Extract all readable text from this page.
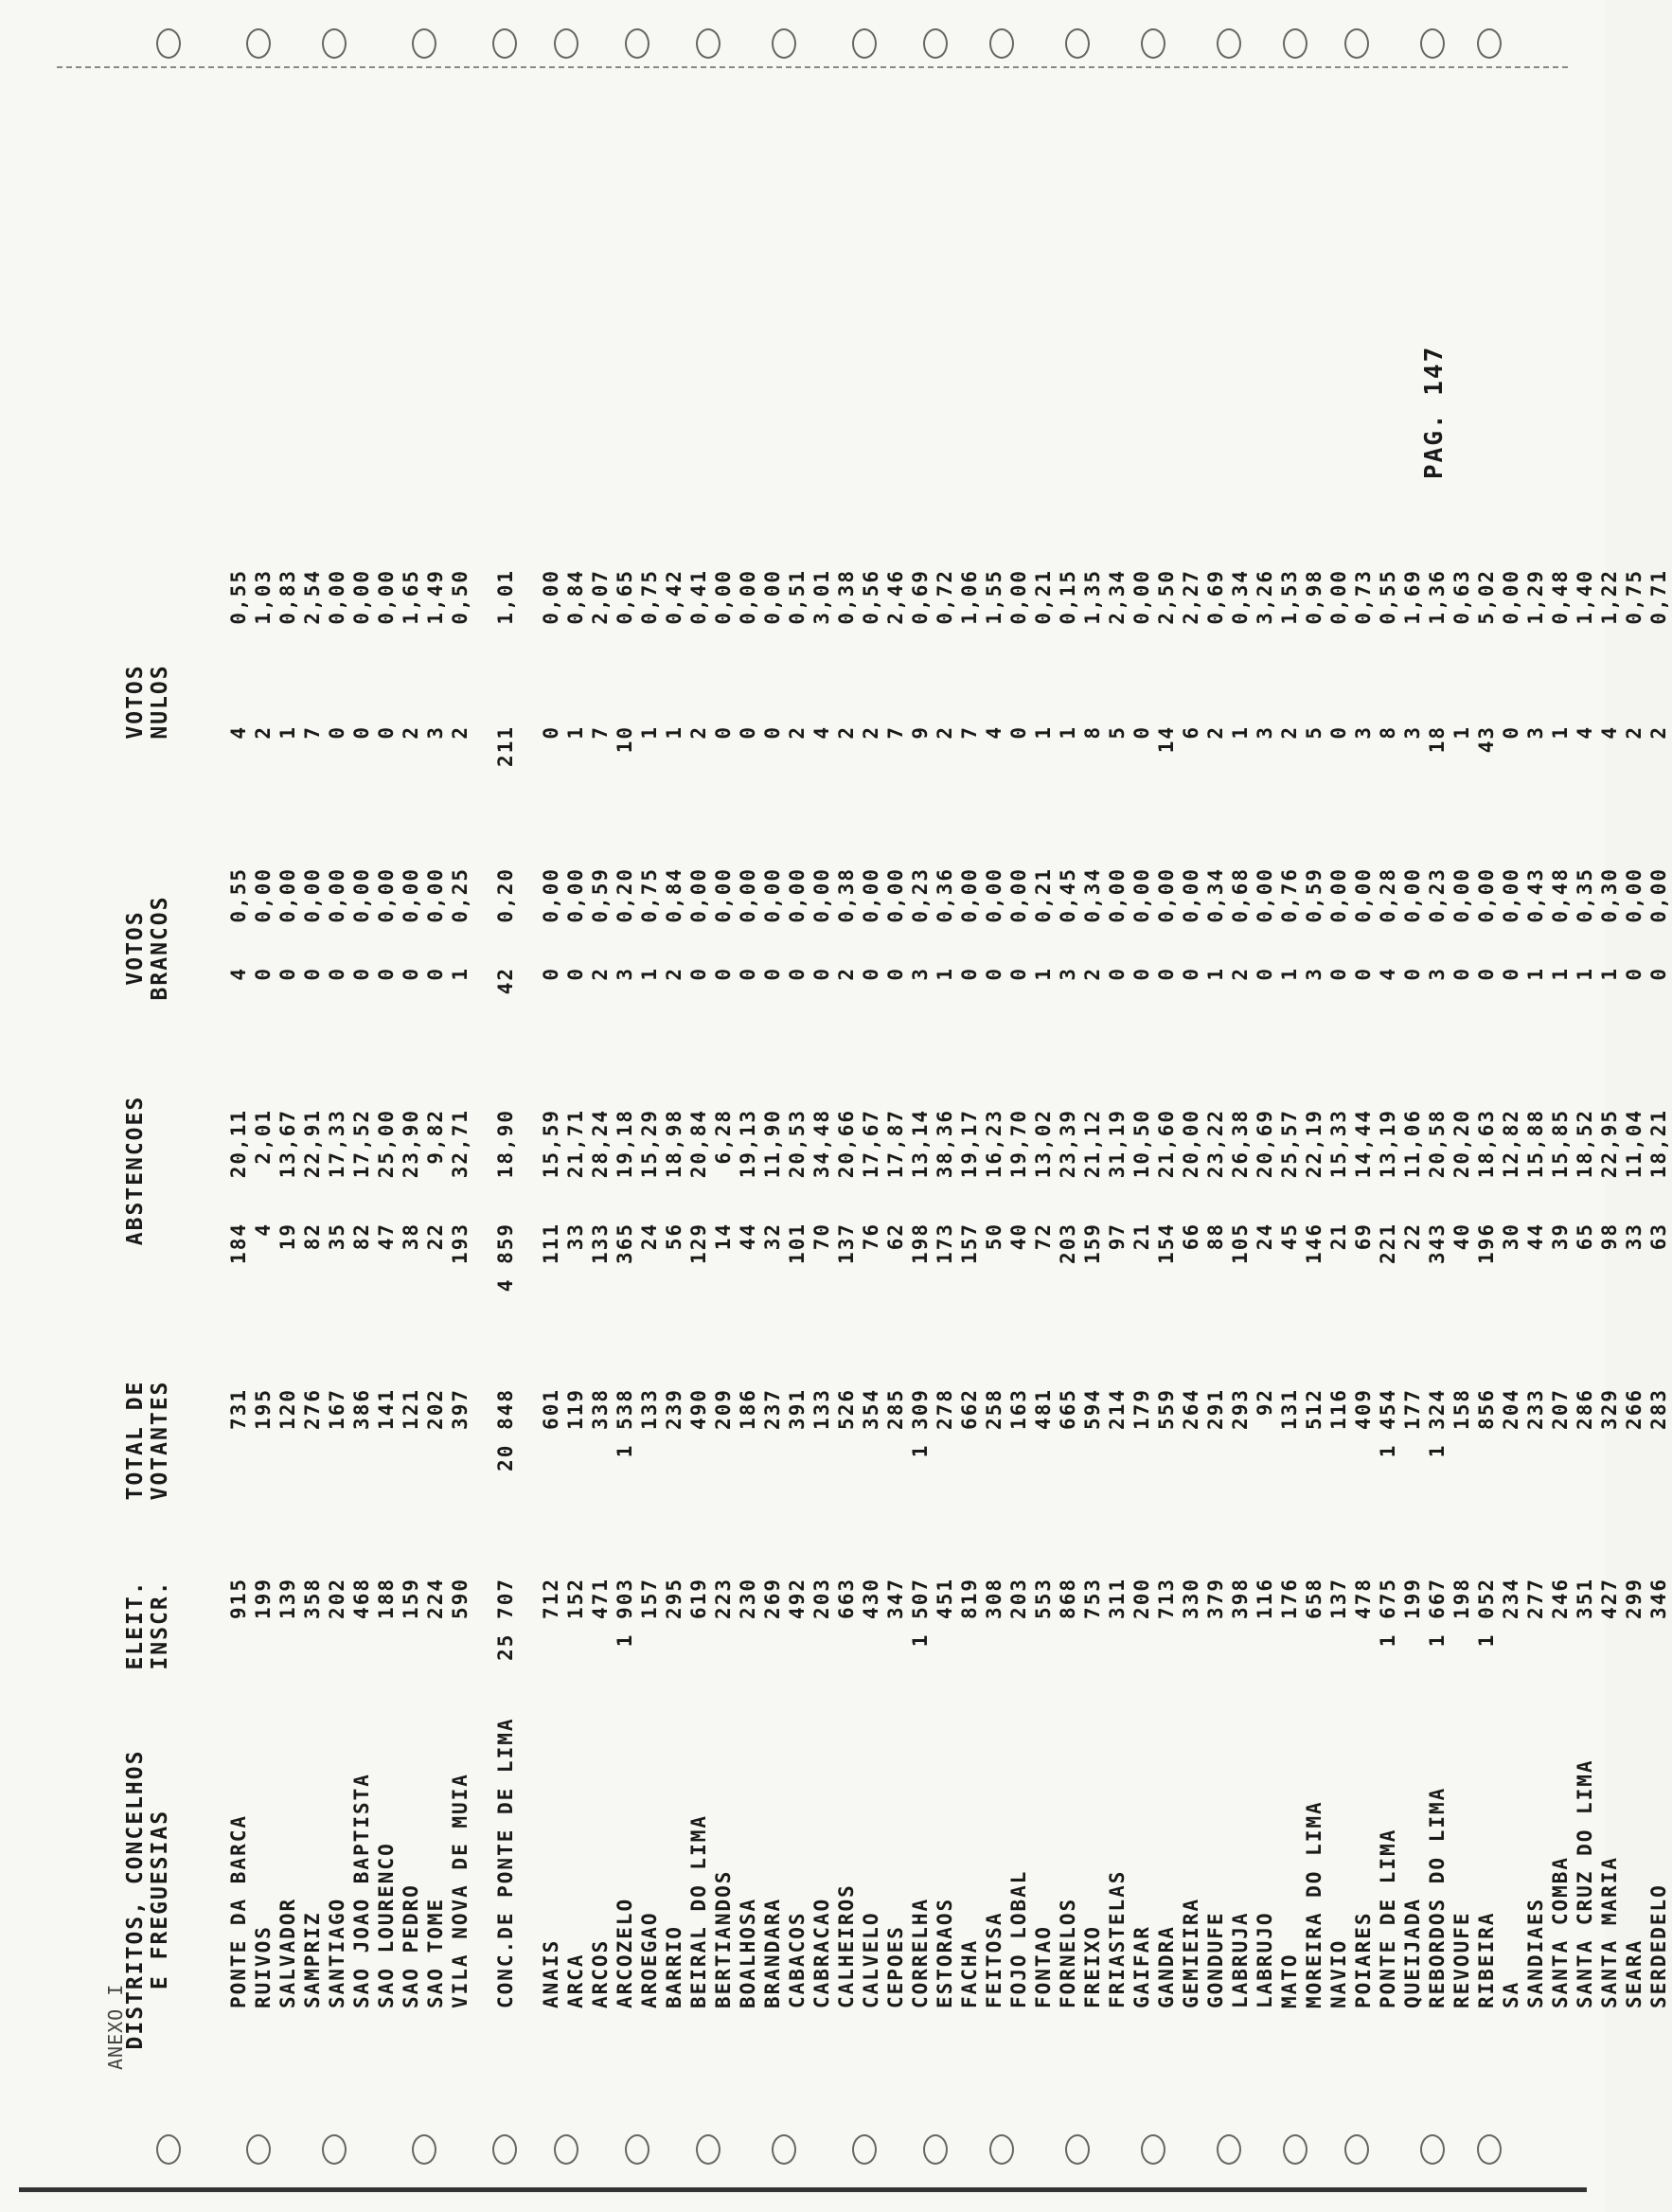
ANEXO I
PAG. 147
DISTRITOS, CONCELHOS
E FREGUESIAS
ELEIT.
INSCR.
TOTAL DE
VOTANTES
ABSTENCOES
VOTOS
BRANCOS
VOTOS
NULOS
PONTE DA BARCA
915
731
184
20,11
4
0,55
4
0,55
RUIVOS
199
195
4
2,01
0
0,00
2
1,03
SALVADOR
139
120
19
13,67
0
0,00
1
0,83
SAMPRIZ
358
276
82
22,91
0
0,00
7
2,54
SANTIAGO
202
167
35
17,33
0
0,00
0
0,00
SAO JOAO BAPTISTA
468
386
82
17,52
0
0,00
0
0,00
SAO LOURENCO
188
141
47
25,00
0
0,00
0
0,00
SAO PEDRO
159
121
38
23,90
0
0,00
2
1,65
SAO TOME
224
202
22
9,82
0
0,00
3
1,49
VILA NOVA DE MUIA
590
397
193
32,71
1
0,25
2
0,50
CONC.DE PONTE DE LIMA
25 707
20 848
4 859
18,90
42
0,20
211
1,01
ANAIS
712
601
111
15,59
0
0,00
0
0,00
ARCA
152
119
33
21,71
0
0,00
1
0,84
ARCOS
471
338
133
28,24
2
0,59
7
2,07
ARCOZELO
1 903
1 538
365
19,18
3
0,20
10
0,65
AROEGAO
157
133
24
15,29
1
0,75
1
0,75
BARRIO
295
239
56
18,98
2
0,84
1
0,42
BEIRAL DO LIMA
619
490
129
20,84
0
0,00
2
0,41
BERTIANDOS
223
209
14
6,28
0
0,00
0
0,00
BOALHOSA
230
186
44
19,13
0
0,00
0
0,00
BRANDARA
269
237
32
11,90
0
0,00
0
0,00
CABACOS
492
391
101
20,53
0
0,00
2
0,51
CABRACAO
203
133
70
34,48
0
0,00
4
3,01
CALHEIROS
663
526
137
20,66
2
0,38
2
0,38
CALVELO
430
354
76
17,67
0
0,00
2
0,56
CEPOES
347
285
62
17,87
0
0,00
7
2,46
CORRELHA
1 507
1 309
198
13,14
3
0,23
9
0,69
ESTORAOS
451
278
173
38,36
1
0,36
2
0,72
FACHA
819
662
157
19,17
0
0,00
7
1,06
FEITOSA
308
258
50
16,23
0
0,00
4
1,55
FOJO LOBAL
203
163
40
19,70
0
0,00
0
0,00
FONTAO
553
481
72
13,02
1
0,21
1
0,21
FORNELOS
868
665
203
23,39
3
0,45
1
0,15
FREIXO
753
594
159
21,12
2
0,34
8
1,35
FRIASTELAS
311
214
97
31,19
0
0,00
5
2,34
GAIFAR
200
179
21
10,50
0
0,00
0
0,00
GANDRA
713
559
154
21,60
0
0,00
14
2,50
GEMIEIRA
330
264
66
20,00
0
0,00
6
2,27
GONDUFE
379
291
88
23,22
1
0,34
2
0,69
LABRUJA
398
293
105
26,38
2
0,68
1
0,34
LABRUJO
116
92
24
20,69
0
0,00
3
3,26
MATO
176
131
45
25,57
1
0,76
2
1,53
MOREIRA DO LIMA
658
512
146
22,19
3
0,59
5
0,98
NAVIO
137
116
21
15,33
0
0,00
0
0,00
POIARES
478
409
69
14,44
0
0,00
3
0,73
PONTE DE LIMA
1 675
1 454
221
13,19
4
0,28
8
0,55
QUEIJADA
199
177
22
11,06
0
0,00
3
1,69
REBORDOS DO LIMA
1 667
1 324
343
20,58
3
0,23
18
1,36
REVOUFE
198
158
40
20,20
0
0,00
1
0,63
RIBEIRA
1 052
856
196
18,63
0
0,00
43
5,02
SA
234
204
30
12,82
0
0,00
0
0,00
SANDIAES
277
233
44
15,88
1
0,43
3
1,29
SANTA COMBA
246
207
39
15,85
1
0,48
1
0,48
SANTA CRUZ DO LIMA
351
286
65
18,52
1
0,35
4
1,40
SANTA MARIA
427
329
98
22,95
1
0,30
4
1,22
SEARA
299
266
33
11,04
0
0,00
2
0,75
SERDEDELO
346
283
63
18,21
0
0,00
2
0,71
